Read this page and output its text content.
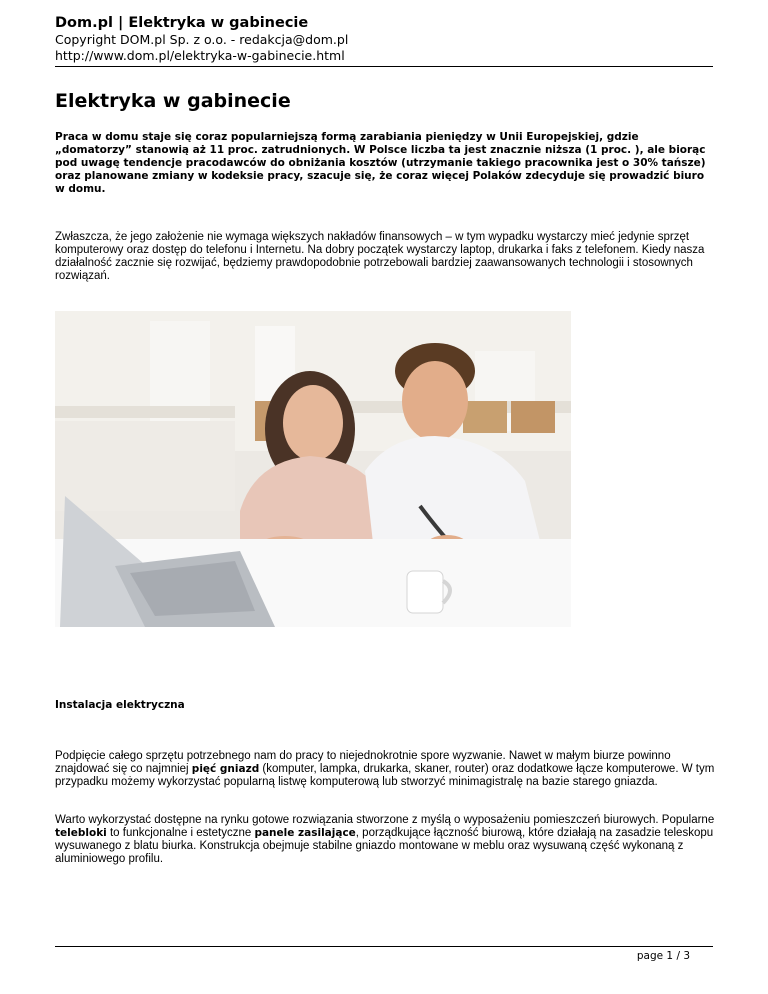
Dom.pl | Elektryka w gabinecie
Copyright DOM.pl Sp. z o.o. - redakcja@dom.pl
http://www.dom.pl/elektryka-w-gabinecie.html
Elektryka w gabinecie

Praca w domu staje się coraz popularniejszą formą zarabiania pieniędzy w Unii Europejskiej, gdzie „domatorzy” stanowią aż 11 proc. zatrudnionych. W Polsce liczba ta jest znacznie niższa (1 proc. ), ale biorąc pod uwagę tendencje pracodawców do obniżania kosztów (utrzymanie takiego pracownika jest o 30% tańsze) oraz planowane zmiany w kodeksie pracy, szacuje się, że coraz więcej Polaków zdecyduje się prowadzić biuro w domu.

Zwłaszcza, że jego założenie nie wymaga większych nakładów finansowych – w tym wypadku wystarczy mieć jedynie sprzęt komputerowy oraz dostęp do telefonu i Internetu. Na dobry początek wystarczy laptop, drukarka i faks z telefonem. Kiedy nasza działalność zacznie się rozwijać, będziemy prawdopodobnie potrzebowali bardziej zaawansowanych technologii i stosownych rozwiązań.

Instalacja elektryczna

Podpięcie całego sprzętu potrzebnego nam do pracy to niejednokrotnie spore wyzwanie. Nawet w małym biurze powinno znajdować się co najmniej pięć gniazd (komputer, lampka, drukarka, skaner, router) oraz dodatkowe łącze komputerowe. W tym przypadku możemy wykorzystać popularną listwę komputerową lub stworzyć minimagistralę na bazie starego gniazda.

Warto wykorzystać dostępne na rynku gotowe rozwiązania stworzone z myślą o wyposażeniu pomieszczeń biurowych. Popularne telebloki to funkcjonalne i estetyczne panele zasilające, porządkujące łączność biurową, które działają na zasadzie teleskopu wysuwanego z blatu biurka. Konstrukcja obejmuje stabilne gniazdo montowane w meblu oraz wysuwaną część wykonaną z aluminiowego profilu.

page 1 / 3
